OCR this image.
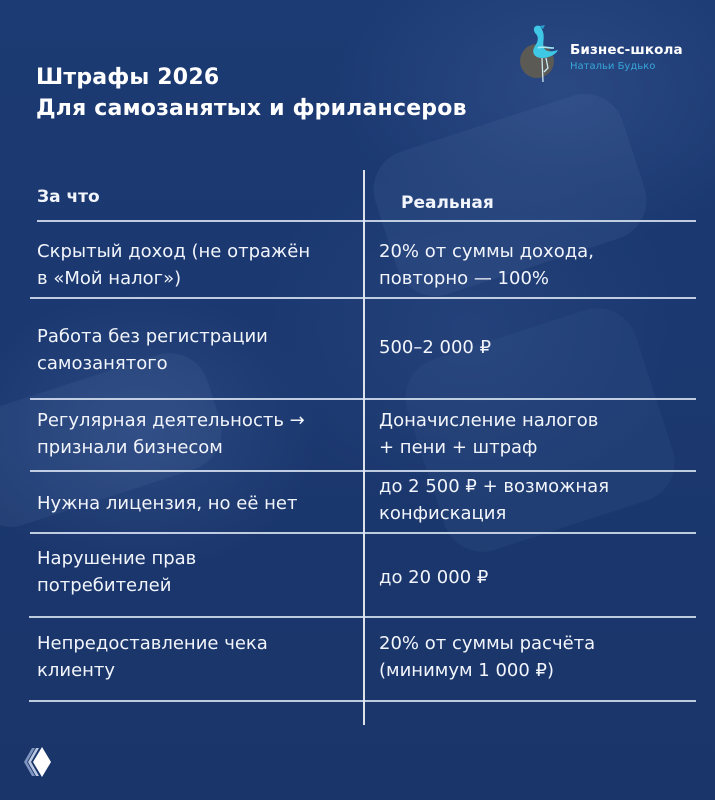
Бизнес-школа
Натальи Будько
Штрафы 2026
Для самозанятых и фрилансеров
За что	Реальная
Скрытый доход (не отражён
в «Мой налог»)
20% от суммы дохода,
повторно — 100%
Работа без регистрации
самозанятого
500–2 000 ₽
Регулярная деятельность →
признали бизнесом
Доначисление налогов
+ пени + штраф
Нужна лицензия, но её нет
до 2 500 ₽ + возможная
конфискация
Нарушение прав
потребителей	до 20 000 ₽
Непредоставление чека
клиенту
20% от суммы расчёта
(минимум 1 000 ₽)
